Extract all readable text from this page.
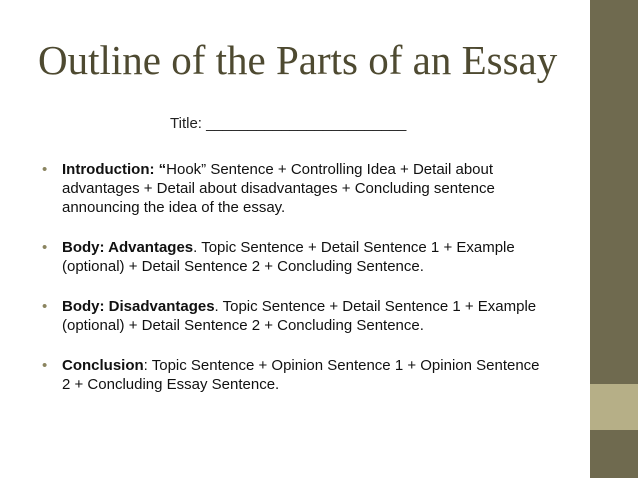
Outline of the Parts of an Essay
Title: ________________________
• Introduction: “Hook” Sentence + Controlling Idea + Detail about advantages + Detail about disadvantages + Concluding sentence announcing the idea of the essay.
• Body: Advantages. Topic Sentence + Detail Sentence 1 + Example (optional) + Detail Sentence 2 + Concluding Sentence.
• Body: Disadvantages. Topic Sentence + Detail Sentence 1 + Example (optional) + Detail Sentence 2 + Concluding Sentence.
• Conclusion: Topic Sentence + Opinion Sentence 1 + Opinion Sentence 2 + Concluding Essay Sentence.
